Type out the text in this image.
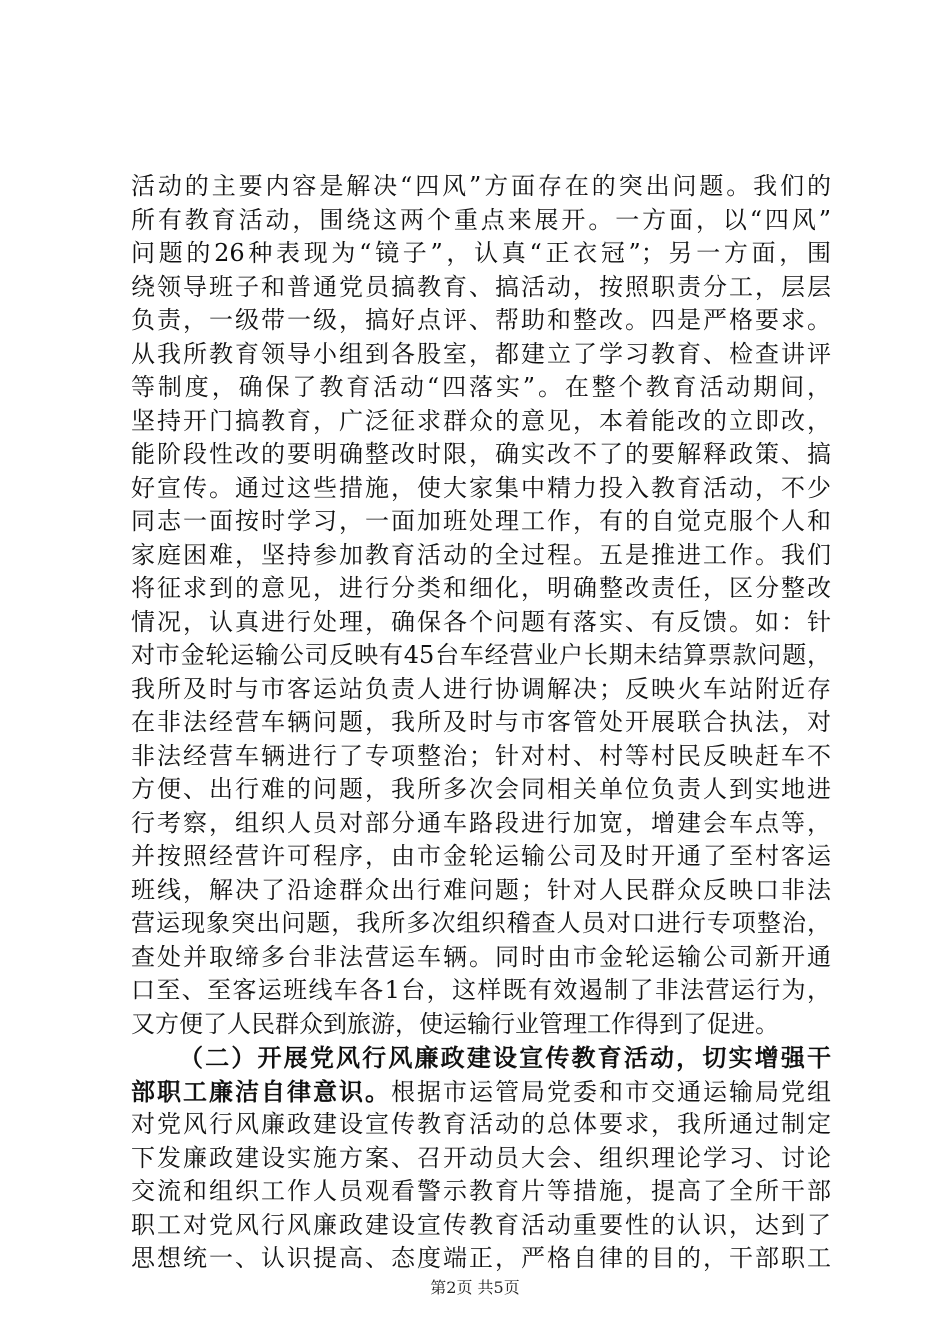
活动的主要内容是解决“四风”方面存在的突出问题。我们的
所有教育活动，围绕这两个重点来展开。一方面，以“四风”
问题的26种表现为“镜子”，认真“正衣冠”；另一方面，围
绕领导班子和普通党员搞教育、搞活动，按照职责分工，层层
负责，一级带一级，搞好点评、帮助和整改。四是严格要求。
从我所教育领导小组到各股室，都建立了学习教育、检查讲评
等制度，确保了教育活动“四落实”。在整个教育活动期间，
坚持开门搞教育，广泛征求群众的意见，本着能改的立即改，
能阶段性改的要明确整改时限，确实改不了的要解释政策、搞
好宣传。通过这些措施，使大家集中精力投入教育活动，不少
同志一面按时学习，一面加班处理工作，有的自觉克服个人和
家庭困难，坚持参加教育活动的全过程。五是推进工作。我们
将征求到的意见，进行分类和细化，明确整改责任，区分整改
情况，认真进行处理，确保各个问题有落实、有反馈。如：针
对市金轮运输公司反映有45台车经营业户长期未结算票款问题，
我所及时与市客运站负责人进行协调解决；反映火车站附近存
在非法经营车辆问题，我所及时与市客管处开展联合执法，对
非法经营车辆进行了专项整治；针对村、村等村民反映赶车不
方便、出行难的问题，我所多次会同相关单位负责人到实地进
行考察，组织人员对部分通车路段进行加宽，增建会车点等，
并按照经营许可程序，由市金轮运输公司及时开通了至村客运
班线，解决了沿途群众出行难问题；针对人民群众反映口非法
营运现象突出问题，我所多次组织稽查人员对口进行专项整治，
查处并取缔多台非法营运车辆。同时由市金轮运输公司新开通
口至、至客运班线车各1台，这样既有效遏制了非法营运行为，
又方便了人民群众到旅游，使运输行业管理工作得到了促进。
（二）开展党风行风廉政建设宣传教育活动，切实增强干
部职工廉洁自律意识。根据市运管局党委和市交通运输局党组
对党风行风廉政建设宣传教育活动的总体要求，我所通过制定
下发廉政建设实施方案、召开动员大会、组织理论学习、讨论
交流和组织工作人员观看警示教育片等措施，提高了全所干部
职工对党风行风廉政建设宣传教育活动重要性的认识，达到了
思想统一、认识提高、态度端正，严格自律的目的，干部职工
第2页 共5页
